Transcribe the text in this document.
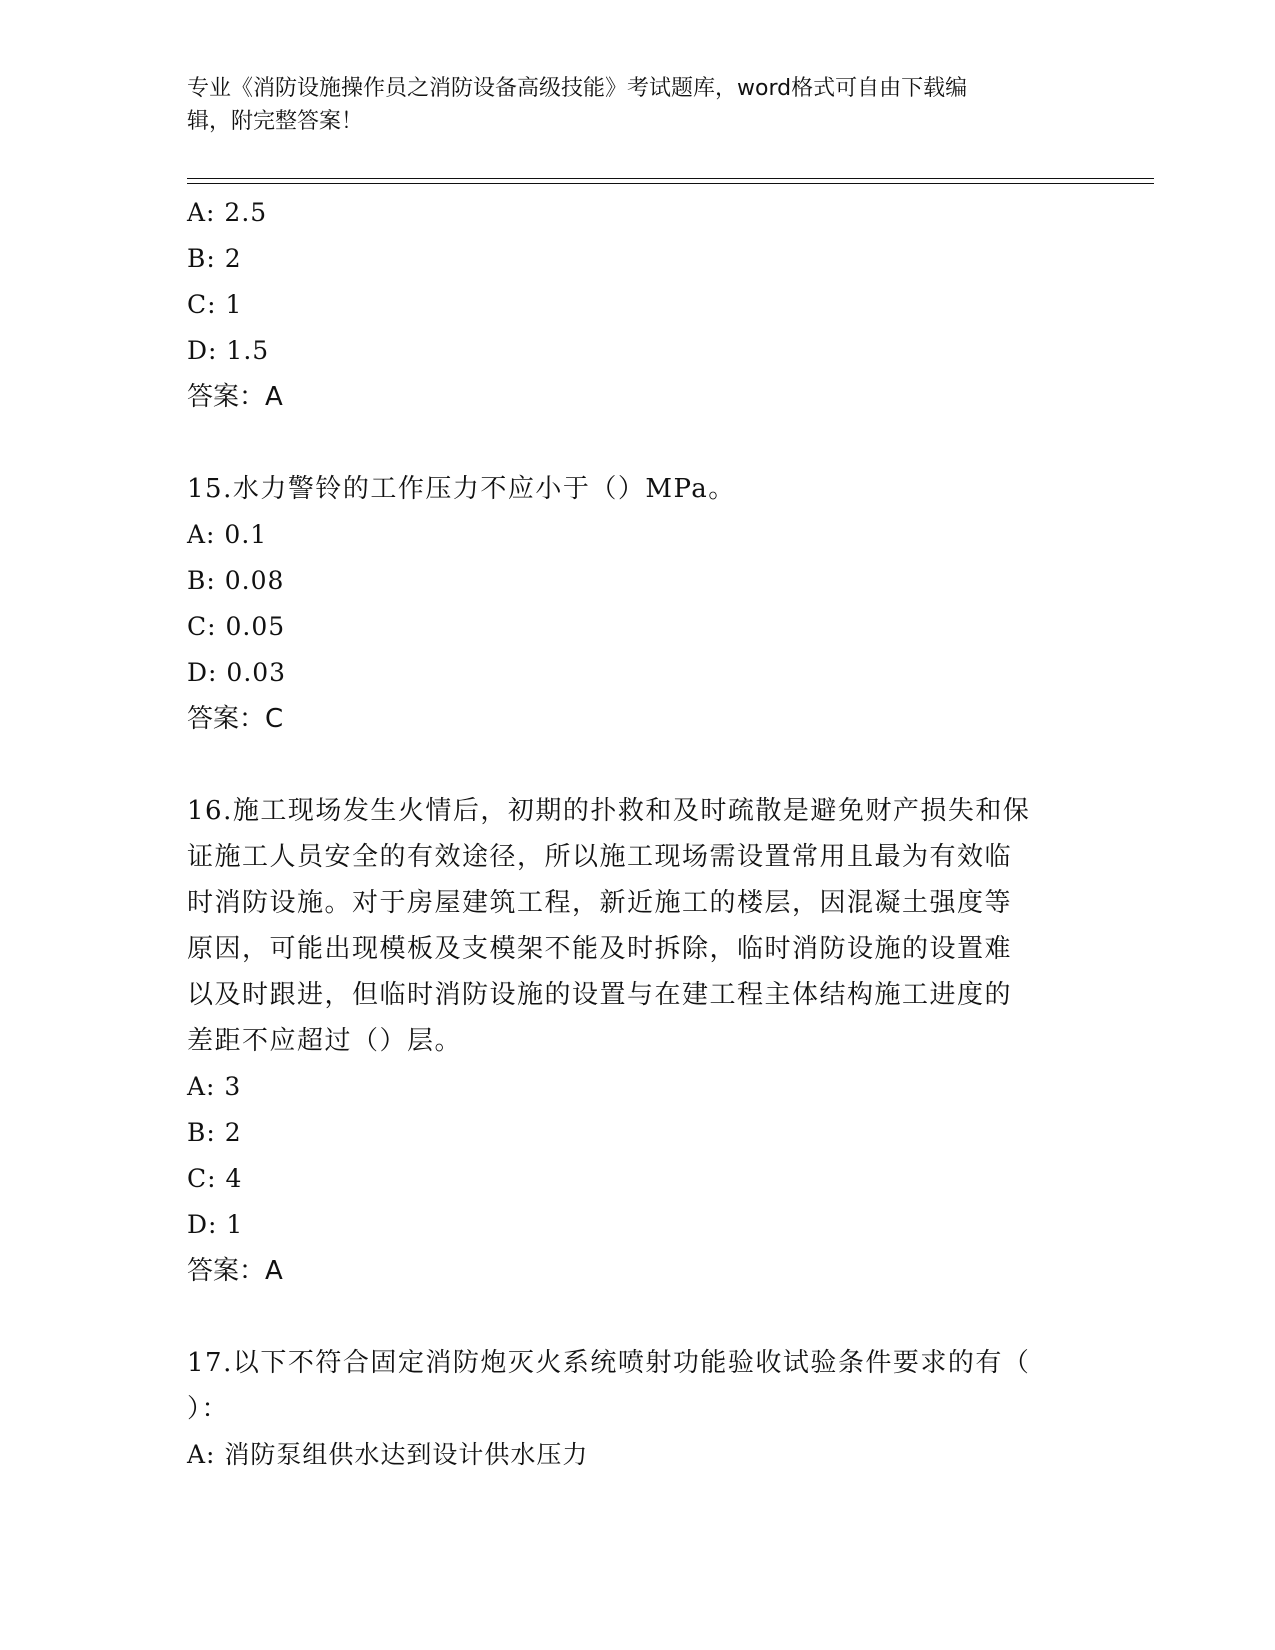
专业《消防设施操作员之消防设备高级技能》考试题库，word格式可自由下载编
辑，附完整答案！
A: 2.5
B: 2
C: 1
D: 1.5
答案：A
15.水力警铃的工作压力不应小于（）MPa。
A: 0.1
B: 0.08
C: 0.05
D: 0.03
答案：C
16.施工现场发生火情后，初期的扑救和及时疏散是避免财产损失和保
证施工人员安全的有效途径，所以施工现场需设置常用且最为有效临
时消防设施。对于房屋建筑工程，新近施工的楼层，因混凝土强度等
原因，可能出现模板及支模架不能及时拆除，临时消防设施的设置难
以及时跟进，但临时消防设施的设置与在建工程主体结构施工进度的
差距不应超过（）层。
A: 3
B: 2
C: 4
D: 1
答案：A
17.以下不符合固定消防炮灭火系统喷射功能验收试验条件要求的有（
）：
A: 消防泵组供水达到设计供水压力
